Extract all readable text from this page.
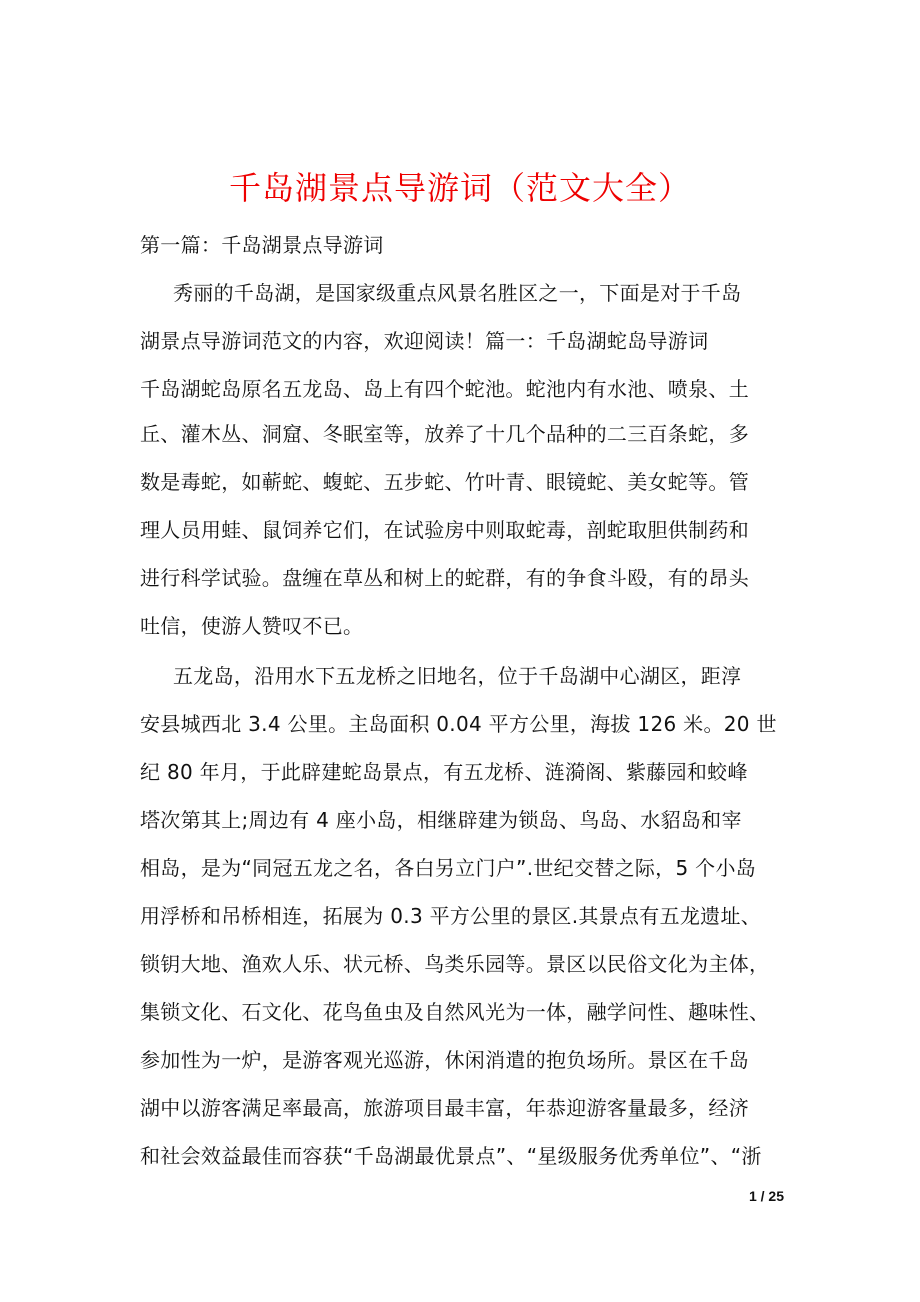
千岛湖景点导游词（范文大全）
第一篇：千岛湖景点导游词
秀丽的千岛湖，是国家级重点风景名胜区之一，下面是对于千岛
湖景点导游词范文的内容，欢迎阅读！篇一：千岛湖蛇岛导游词
千岛湖蛇岛原名五龙岛、岛上有四个蛇池。蛇池内有水池、喷泉、土
丘、灌木丛、洞窟、冬眠室等，放养了十几个品种的二三百条蛇，多
数是毒蛇，如蕲蛇、蝮蛇、五步蛇、竹叶青、眼镜蛇、美女蛇等。管
理人员用蛙、鼠饲养它们，在试验房中则取蛇毒，剖蛇取胆供制药和
进行科学试验。盘缠在草丛和树上的蛇群，有的争食斗殴，有的昂头
吐信，使游人赞叹不已。
五龙岛，沿用水下五龙桥之旧地名，位于千岛湖中心湖区，距淳
安县城西北 3.4 公里。主岛面积 0.04 平方公里，海拔 126 米。20 世
纪 80 年月，于此辟建蛇岛景点，有五龙桥、涟漪阁、紫藤园和蛟峰
塔次第其上;周边有 4 座小岛，相继辟建为锁岛、鸟岛、水貂岛和宰
相岛，是为“同冠五龙之名，各白另立门户”.世纪交替之际，5 个小岛
用浮桥和吊桥相连，拓展为 0.3 平方公里的景区.其景点有五龙遗址、
锁钥大地、渔欢人乐、状元桥、鸟类乐园等。景区以民俗文化为主体，
集锁文化、石文化、花鸟鱼虫及自然风光为一体，融学问性、趣味性、
参加性为一炉，是游客观光巡游，休闲消遣的抱负场所。景区在千岛
湖中以游客满足率最高，旅游项目最丰富，年恭迎游客量最多，经济
和社会效益最佳而容获“千岛湖最优景点”、“星级服务优秀单位”、“浙
1 / 25
